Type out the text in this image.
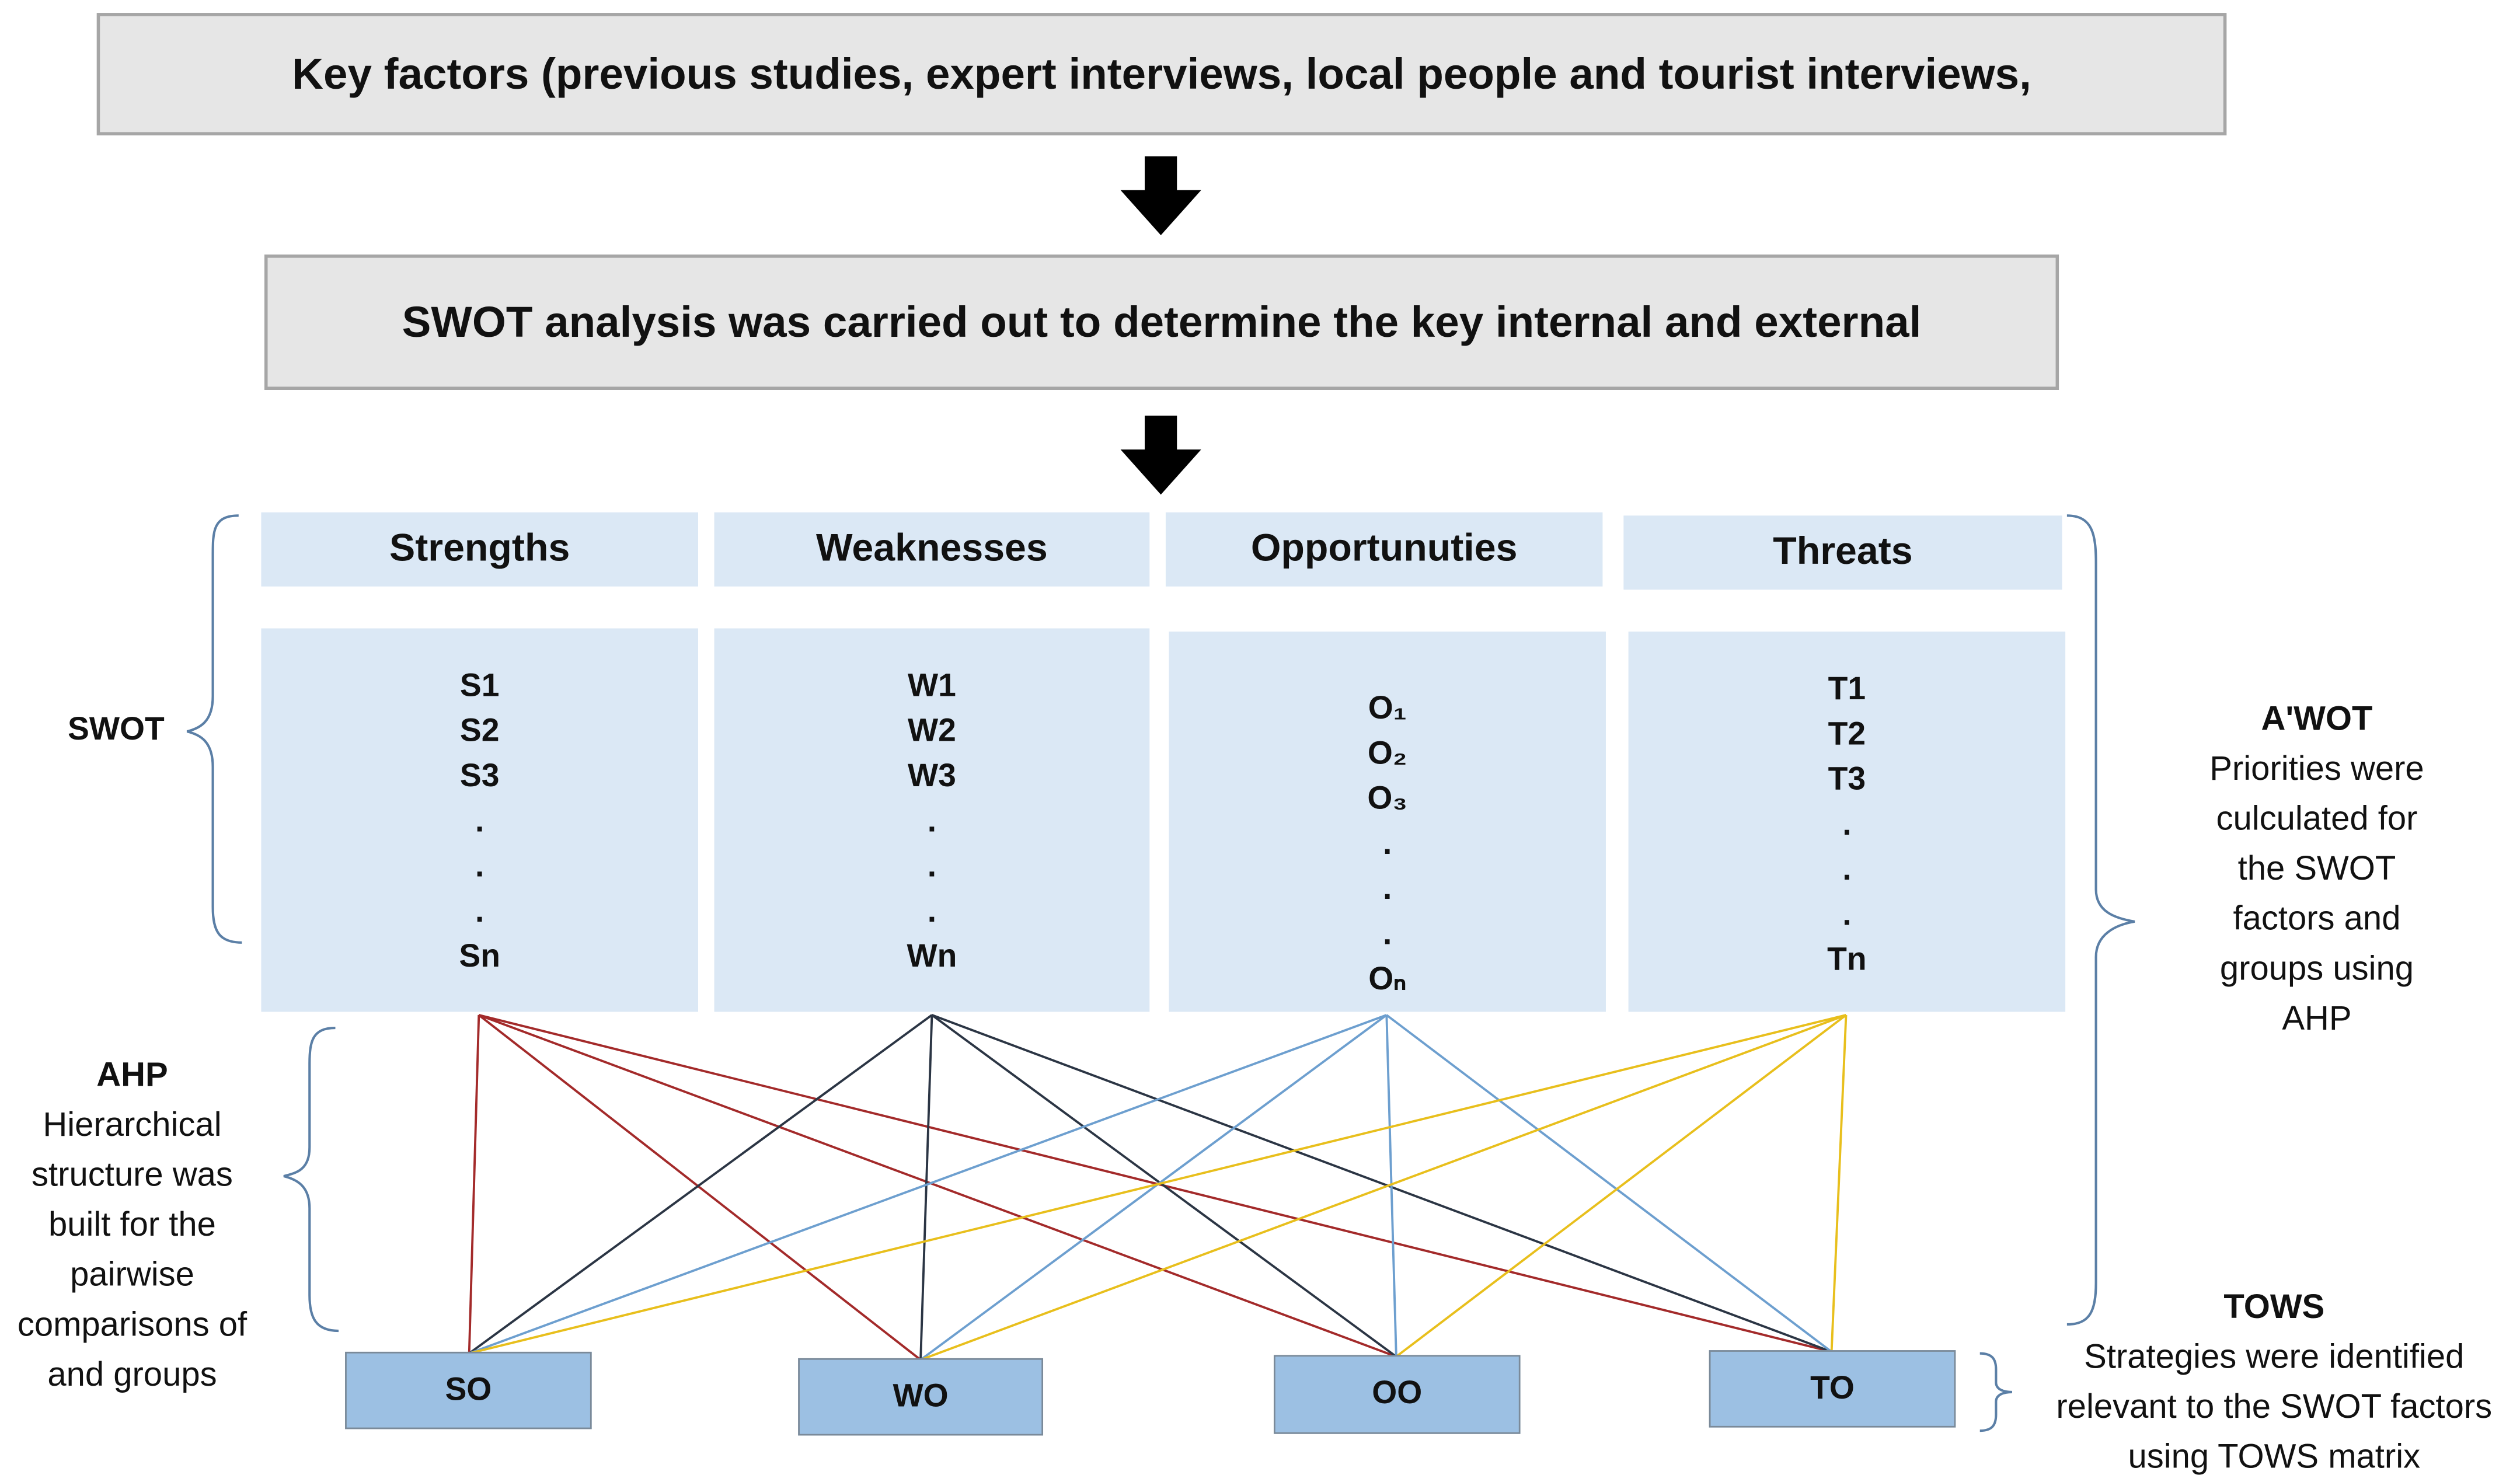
Key factors (previous studies, expert interviews, local people and tourist interviews,
SWOT analysis was carried out to determine the key internal and external
Strengths	Weaknesses	Opportunuties	Threats
S1
S2
S3
.
.
.
Sn
W1
W2
W3
.
.
.
Wn
O₁
O₂
O₃
.
.
.
Oₙ
T1
T2
T3
.
.
.
Tn
SO	WO	OO	TO
SWOT
AHP
Hierarchical
structure was
built for the
pairwise
comparisons of
and groups
A'WOT
Priorities were
culculated for
the SWOT
factors and
groups using
AHP
TOWS
Strategies were identified
relevant to the SWOT factors
using TOWS matrix
